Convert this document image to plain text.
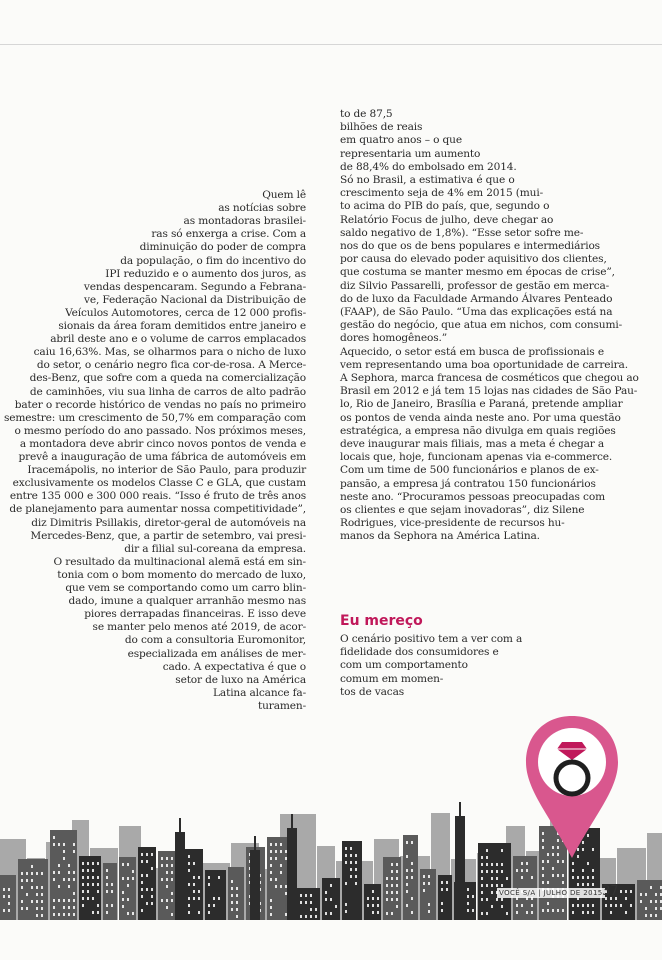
Quem lê
as notícias sobre
as montadoras brasilei-
ras só enxerga a crise. Com a
diminuição do poder de compra
da população, o fim do incentivo do
IPI reduzido e o aumento dos juros, as
vendas despencaram. Segundo a Febrana-
ve, Federação Nacional da Distribuição de
Veículos Automotores, cerca de 12 000 profis-
sionais da área foram demitidos entre janeiro e
abril deste ano e o volume de carros emplacados
caiu 16,63%. Mas, se olharmos para o nicho de luxo
do setor, o cenário negro fica cor-de-rosa. A Merce-
des-Benz, que sofre com a queda na comercialização
de caminhões, viu sua linha de carros de alto padrão
bater o recorde histórico de vendas no país no primeiro
semestre: um crescimento de 50,7% em comparação com
o mesmo período do ano passado. Nos próximos meses,
a montadora deve abrir cinco novos pontos de venda e
prevê a inauguração de uma fábrica de automóveis em
Iracemápolis, no interior de São Paulo, para produzir
exclusivamente os modelos Classe C e GLA, que custam
entre 135 000 e 300 000 reais. “Isso é fruto de três anos
de planejamento para aumentar nossa competitividade”,
diz Dimitris Psillakis, diretor-geral de automóveis na
Mercedes-Benz, que, a partir de setembro, vai presi-
dir a filial sul-coreana da empresa.
O resultado da multinacional alemã está em sin-
tonia com o bom momento do mercado de luxo,
que vem se comportando como um carro blin-
dado, imune a qualquer arranhão mesmo nas
piores derrapadas financeiras. E isso deve
se manter pelo menos até 2019, de acor-
do com a consultoria Euromonitor,
especializada em análises de mer-
cado. A expectativa é que o
setor de luxo na América
Latina alcance fa-
turamen-
to de 87,5
bilhões de reais
em quatro anos – o que
representaria um aumento
de 88,4% do embolsado em 2014.
Só no Brasil, a estimativa é que o
crescimento seja de 4% em 2015 (mui-
to acima do PIB do país, que, segundo o
Relatório Focus de julho, deve chegar ao
saldo negativo de 1,8%). “Esse setor sofre me-
nos do que os de bens populares e intermediários
por causa do elevado poder aquisitivo dos clientes,
que costuma se manter mesmo em épocas de crise”,
diz Silvio Passarelli, professor de gestão em merca-
do de luxo da Faculdade Armando Álvares Penteado
(FAAP), de São Paulo. “Uma das explicações está na
gestão do negócio, que atua em nichos, com consumi-
dores homogêneos.”
Aquecido, o setor está em busca de profissionais e
vem representando uma boa oportunidade de carreira.
A Sephora, marca francesa de cosméticos que chegou ao
Brasil em 2012 e já tem 15 lojas nas cidades de São Pau-
lo, Rio de Janeiro, Brasília e Paraná, pretende ampliar
os pontos de venda ainda neste ano. Por uma questão
estratégica, a empresa não divulga em quais regiões
deve inaugurar mais filiais, mas a meta é chegar a
locais que, hoje, funcionam apenas via e-commerce.
Com um time de 500 funcionários e planos de ex-
pansão, a empresa já contratou 150 funcionários
neste ano. “Procuramos pessoas preocupadas com
os clientes e que sejam inovadoras”, diz Silene
Rodrigues, vice-presidente de recursos hu-
manos da Sephora na América Latina.
Eu mereço
O cenário positivo tem a ver com a
fidelidade dos consumidores e
com um comportamento
comum em momen-
tos de vacas
VOCÊ S/A | JULHO DE 2015 37
